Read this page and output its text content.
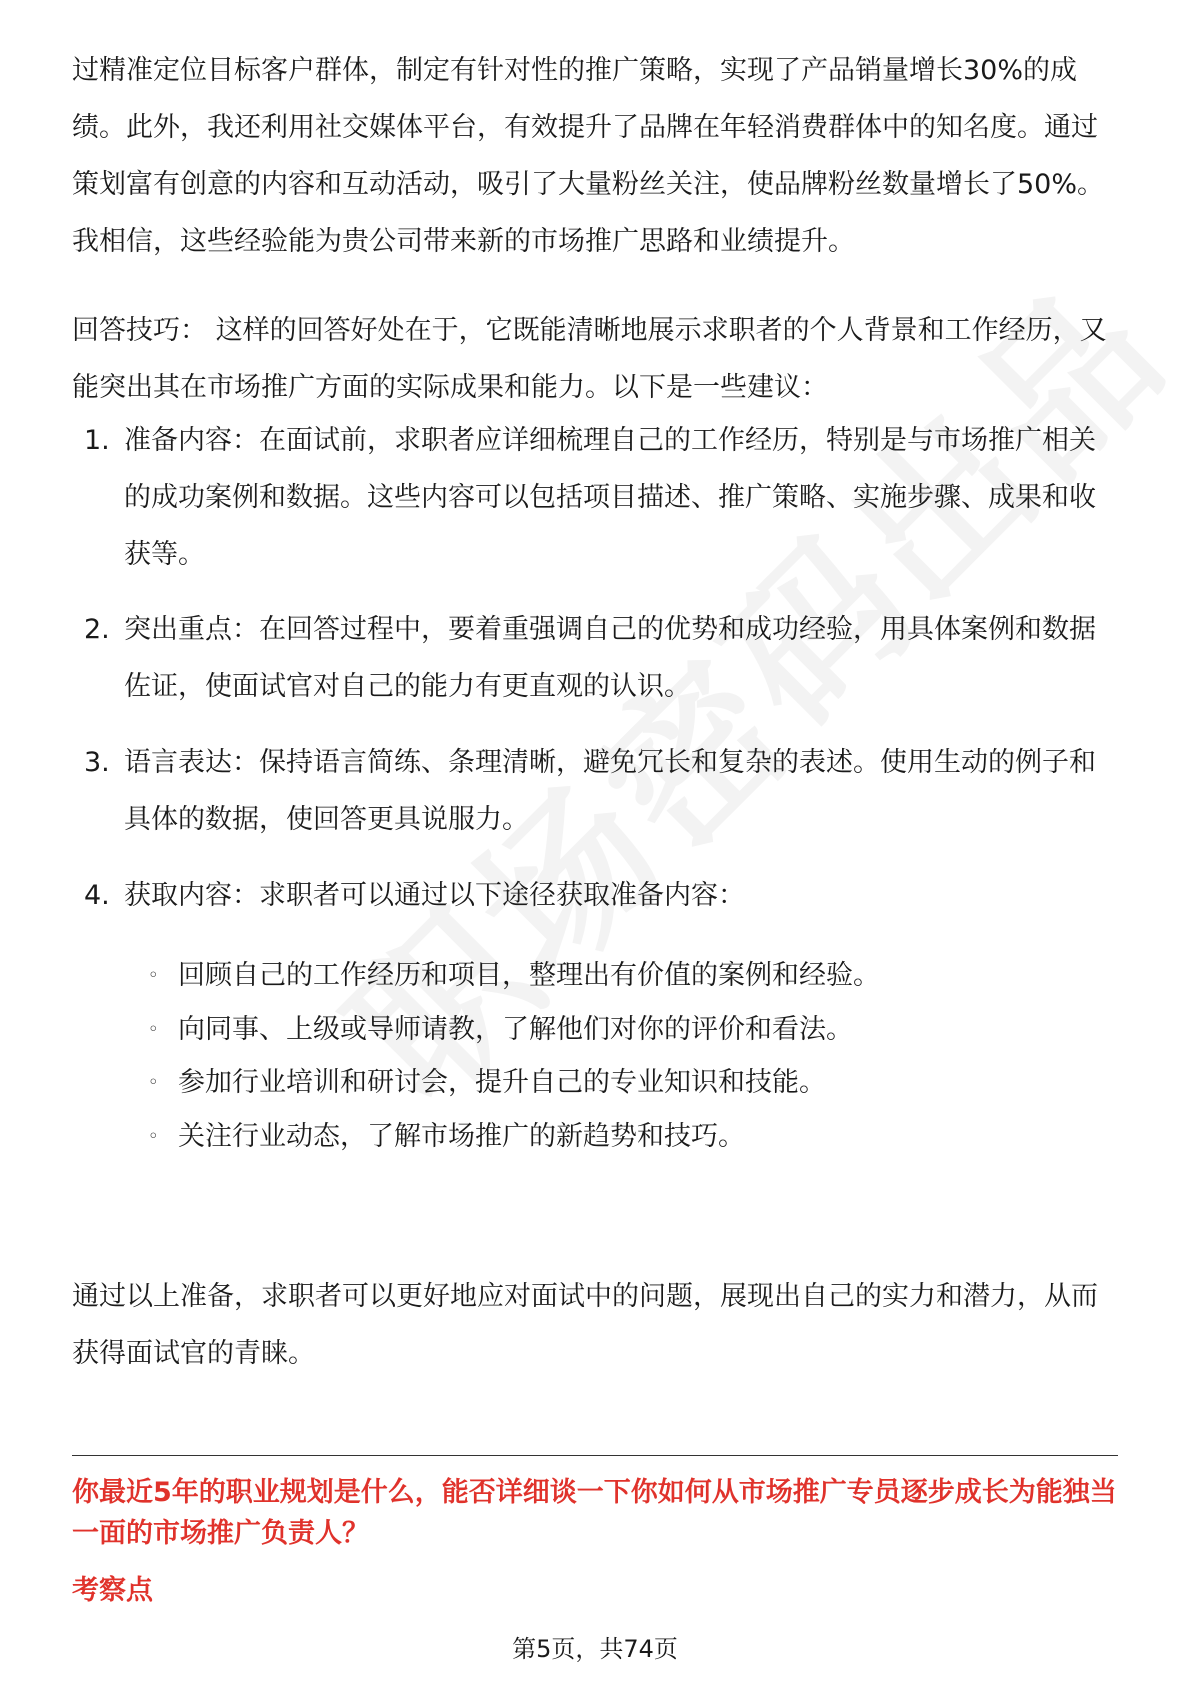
过精准定位目标客户群体，制定有针对性的推广策略，实现了产品销量增长30%的成绩。此外，我还利用社交媒体平台，有效提升了品牌在年轻消费群体中的知名度。通过策划富有创意的内容和互动活动，吸引了大量粉丝关注，使品牌粉丝数量增长了50%。我相信，这些经验能为贵公司带来新的市场推广思路和业绩提升。

回答技巧： 这样的回答好处在于，它既能清晰地展示求职者的个人背景和工作经历，又能突出其在市场推广方面的实际成果和能力。以下是一些建议：

1. 准备内容：在面试前，求职者应详细梳理自己的工作经历，特别是与市场推广相关的成功案例和数据。这些内容可以包括项目描述、推广策略、实施步骤、成果和收获等。
2. 突出重点：在回答过程中，要着重强调自己的优势和成功经验，用具体案例和数据佐证，使面试官对自己的能力有更直观的认识。
3. 语言表达：保持语言简练、条理清晰，避免冗长和复杂的表述。使用生动的例子和具体的数据，使回答更具说服力。
4. 获取内容：求职者可以通过以下途径获取准备内容：
◦ 回顾自己的工作经历和项目，整理出有价值的案例和经验。
◦ 向同事、上级或导师请教，了解他们对你的评价和看法。
◦ 参加行业培训和研讨会，提升自己的专业知识和技能。
◦ 关注行业动态，了解市场推广的新趋势和技巧。

通过以上准备，求职者可以更好地应对面试中的问题，展现出自己的实力和潜力，从而获得面试官的青睐。

你最近5年的职业规划是什么，能否详细谈一下你如何从市场推广专员逐步成长为能独当一面的市场推广负责人？

考察点
第5页，共74页
